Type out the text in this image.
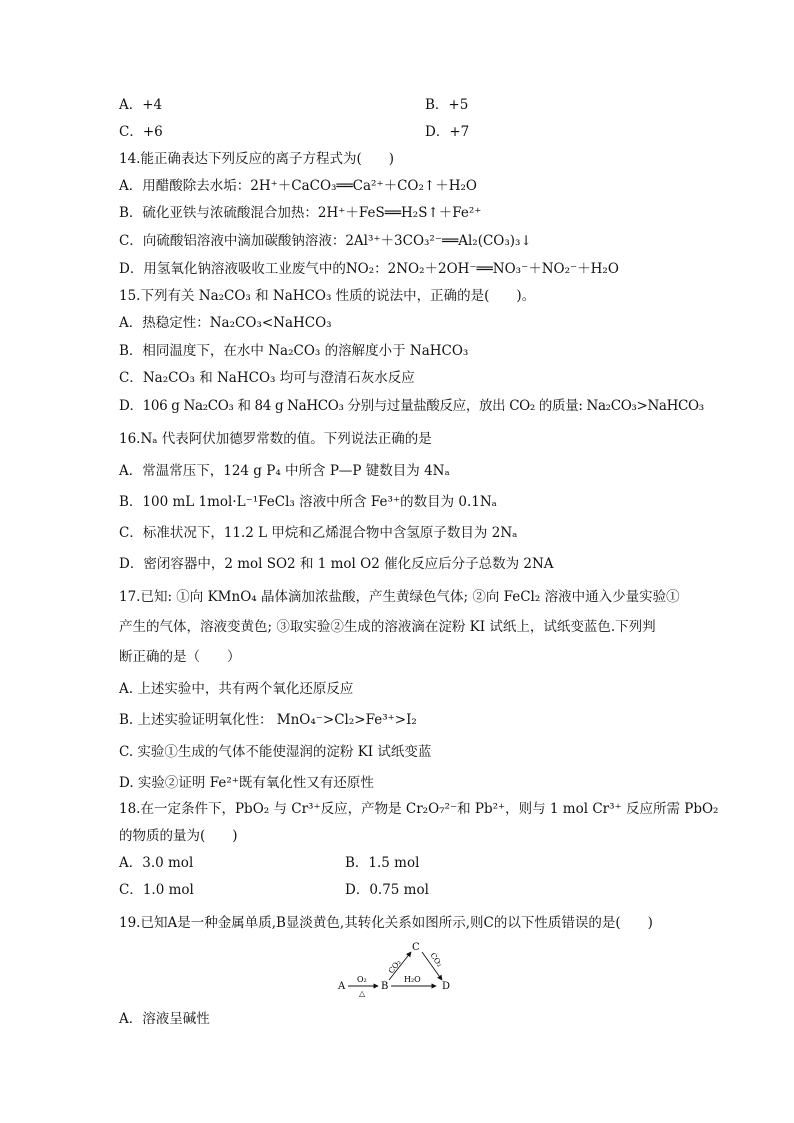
A．+4	B．+5
C．+6	D．+7
14.能正确表达下列反应的离子方程式为(　　)
A．用醋酸除去水垢：2H⁺＋CaCO₃══Ca²⁺＋CO₂↑＋H₂O
B．硫化亚铁与浓硫酸混合加热：2H⁺＋FeS══H₂S↑＋Fe²⁺
C．向硫酸铝溶液中滴加碳酸钠溶液：2Al³⁺＋3CO₃²⁻══Al₂(CO₃)₃↓
D．用氢氧化钠溶液吸收工业废气中的NO₂：2NO₂＋2OH⁻══NO₃⁻＋NO₂⁻＋H₂O
15.下列有关 Na₂CO₃ 和 NaHCO₃ 性质的说法中，正确的是(　　)。
A．热稳定性：Na₂CO₃<NaHCO₃
B．相同温度下，在水中 Na₂CO₃ 的溶解度小于 NaHCO₃
C．Na₂CO₃ 和 NaHCO₃ 均可与澄清石灰水反应
D．106 g Na₂CO₃ 和 84 g NaHCO₃ 分别与过量盐酸反应，放出 CO₂ 的质量: Na₂CO₃>NaHCO₃
16.Nₐ 代表阿伏加德罗常数的值。下列说法正确的是
A．常温常压下，124 g P₄ 中所含 P—P 键数目为 4Nₐ
B．100 mL 1mol·L⁻¹FeCl₃ 溶液中所含 Fe³⁺的数目为 0.1Nₐ
C．标准状况下，11.2 L 甲烷和乙烯混合物中含氢原子数目为 2Nₐ
D．密闭容器中，2 mol SO2 和 1 mol O2 催化反应后分子总数为 2NA
17.已知: ①向 KMnO₄ 晶体滴加浓盐酸，产生黄绿色气体; ②向 FeCl₂ 溶液中通入少量实验①
产生的气体，溶液变黄色; ③取实验②生成的溶液滴在淀粉 KI 试纸上，试纸变蓝色.下列判
断正确的是（　　）
A. 上述实验中，共有两个氧化还原反应
B. 上述实验证明氧化性： MnO₄⁻>Cl₂>Fe³⁺>I₂
C. 实验①生成的气体不能使湿润的淀粉 KI 试纸变蓝
D. 实验②证明 Fe²⁺既有氧化性又有还原性
18.在一定条件下，PbO₂ 与 Cr³⁺反应，产物是 Cr₂O₇²⁻和 Pb²⁺，则与 1 mol Cr³⁺ 反应所需 PbO₂
的物质的量为(　　)
A．3.0 mol	B．1.5 mol
C．1.0 mol	D．0.75 mol
19.已知A是一种金属单质,B显淡黄色,其转化关系如图所示,则C的以下性质错误的是(　　)
A
O₂
△
B
C
CO₂
H₂O
CO₂
D
A．溶液呈碱性
